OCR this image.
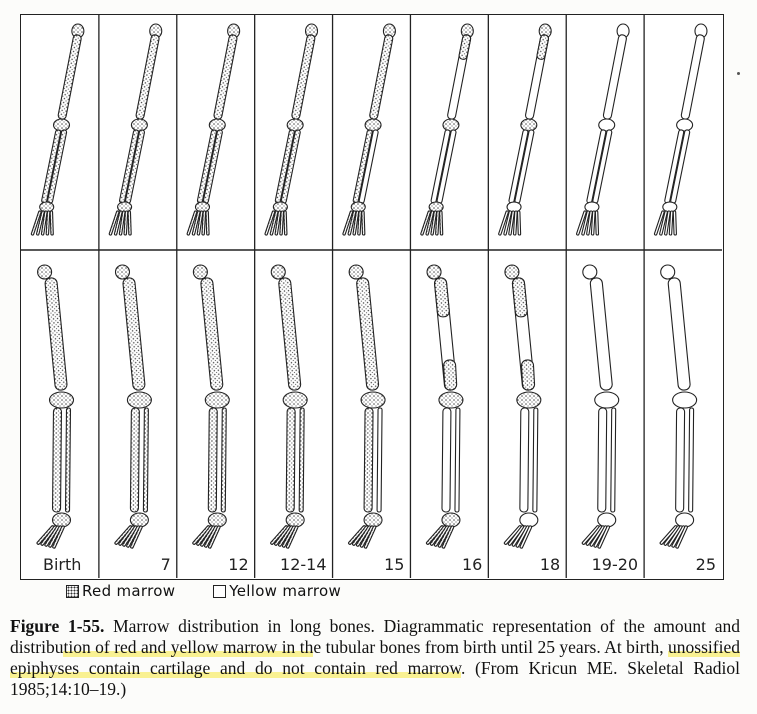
Birth	7	12 12-14	15	16	18 19-20	25
Red marrow	Yellow marrow

Figure 1-55. Marrow distribution in long bones. Diagrammatic representation of the amount and distribution of red and yellow marrow in the tubular bones from birth until 25 years. At birth, unossified epiphyses contain cartilage and do not contain red marrow. (From Kricun ME. Skeletal Radiol 1985;14:10–19.)
